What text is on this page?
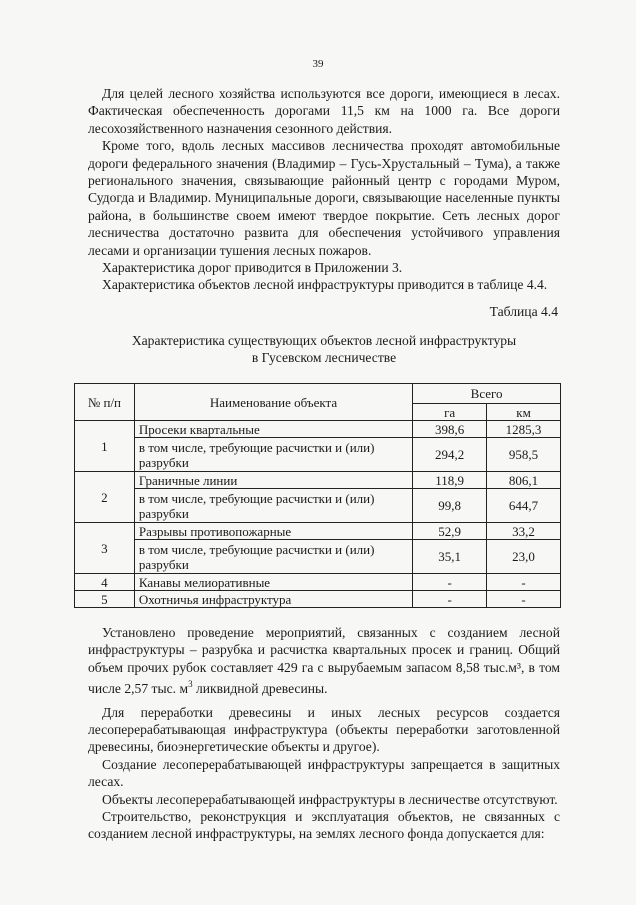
39

Для целей лесного хозяйства используются все дороги, имеющиеся в лесах. Фактическая обеспеченность дорогами 11,5 км на 1000 га. Все дороги лесохозяйственного назначения сезонного действия.

Кроме того, вдоль лесных массивов лесничества проходят автомобильные дороги федерального значения (Владимир – Гусь-Хрустальный – Тума), а также регионального значения, связывающие районный центр с городами Муром, Судогда и Владимир. Муниципальные дороги, связывающие населенные пункты района, в большинстве своем имеют твердое покрытие. Сеть лесных дорог лесничества достаточно развита для обеспечения устойчивого управления лесами и организации тушения лесных пожаров.

Характеристика дорог приводится в Приложении 3.

Характеристика объектов лесной инфраструктуры приводится в таблице 4.4.

Таблица 4.4
Характеристика существующих объектов лесной инфраструктуры
в Гусевском лесничестве
№ п/п	Наименование объекта	Всего	
		га	км
1	Просеки квартальные	398,6	1285,3
	в том числе, требующие расчистки и (или) разрубки	294,2	958,5
2	Граничные линии	118,9	806,1
	в том числе, требующие расчистки и (или) разрубки	99,8	644,7
3	Разрывы противопожарные	52,9	33,2
	в том числе, требующие расчистки и (или) разрубки	35,1	23,0
4	Канавы мелиоративные	-	-
5	Охотничья инфраструктура	-	-

Установлено проведение мероприятий, связанных с созданием лесной инфраструктуры – разрубка и расчистка квартальных просек и границ. Общий объем прочих рубок составляет 429 га с вырубаемым запасом 8,58 тыс.м³, в том числе 2,57 тыс. $м^3$ ликвидной древесины.

Для переработки древесины и иных лесных ресурсов создается лесоперерабатывающая инфраструктура (объекты переработки заготовленной древесины, биоэнергетические объекты и другое).

Создание лесоперерабатывающей инфраструктуры запрещается в защитных лесах.

Объекты лесоперерабатывающей инфраструктуры в лесничестве отсутствуют.

Строительство, реконструкция и эксплуатация объектов, не связанных с созданием лесной инфраструктуры, на землях лесного фонда допускается для:
